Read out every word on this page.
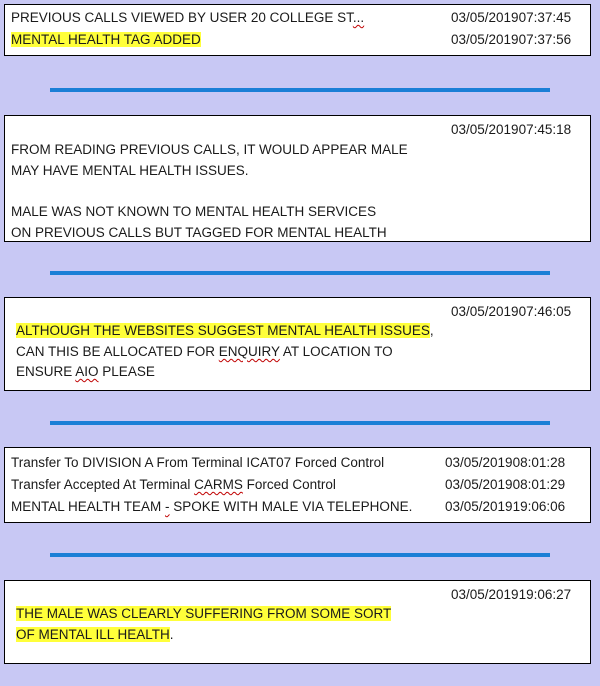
PREVIOUS CALLS VIEWED BY USER 20 COLLEGE ST...	03/05/201907:37:45
MENTAL HEALTH TAG ADDED	03/05/201907:37:56
03/05/201907:45:18
FROM READING PREVIOUS CALLS, IT WOULD APPEAR MALE
MAY HAVE MENTAL HEALTH ISSUES.
MALE WAS NOT KNOWN TO MENTAL HEALTH SERVICES
ON PREVIOUS CALLS BUT TAGGED FOR MENTAL HEALTH
03/05/201907:46:05
ALTHOUGH THE WEBSITES SUGGEST MENTAL HEALTH ISSUES,
CAN THIS BE ALLOCATED FOR ENQUIRY AT LOCATION TO
ENSURE AIO PLEASE
Transfer To DIVISION A From Terminal ICAT07 Forced Control	03/05/201908:01:28
Transfer Accepted At Terminal CARMS Forced Control	03/05/201908:01:29
MENTAL HEALTH TEAM - SPOKE WITH MALE VIA TELEPHONE. 03/05/201919:06:06
03/05/201919:06:27
THE MALE WAS CLEARLY SUFFERING FROM SOME SORT
OF MENTAL ILL HEALTH.
